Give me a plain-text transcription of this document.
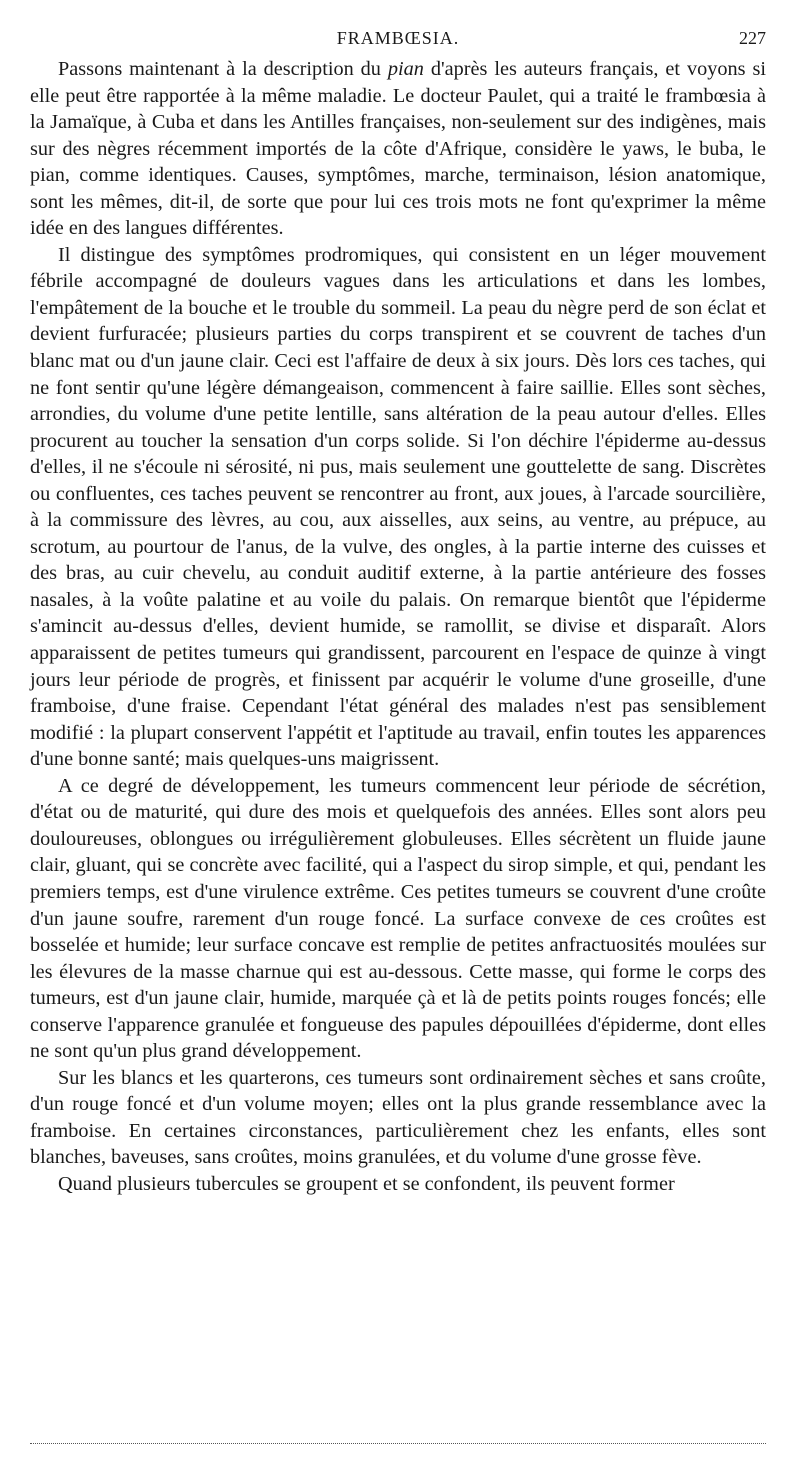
FRAMBŒSIA.	227

Passons maintenant à la description du pian d'après les auteurs français, et voyons si elle peut être rapportée à la même maladie. Le docteur Paulet, qui a traité le frambœsia à la Jamaïque, à Cuba et dans les Antilles françaises, non-seulement sur des indigènes, mais sur des nègres récemment importés de la côte d'Afrique, considère le yaws, le buba, le pian, comme identiques. Causes, symptômes, marche, terminaison, lésion anatomique, sont les mêmes, dit-il, de sorte que pour lui ces trois mots ne font qu'exprimer la même idée en des langues différentes.

Il distingue des symptômes prodromiques, qui consistent en un léger mouvement fébrile accompagné de douleurs vagues dans les articulations et dans les lombes, l'empâtement de la bouche et le trouble du sommeil. La peau du nègre perd de son éclat et devient furfuracée; plusieurs parties du corps transpirent et se couvrent de taches d'un blanc mat ou d'un jaune clair. Ceci est l'affaire de deux à six jours. Dès lors ces taches, qui ne font sentir qu'une légère démangeaison, commencent à faire saillie. Elles sont sèches, arrondies, du volume d'une petite lentille, sans altération de la peau autour d'elles. Elles procurent au toucher la sensation d'un corps solide. Si l'on déchire l'épiderme au-dessus d'elles, il ne s'écoule ni sérosité, ni pus, mais seulement une gouttelette de sang. Discrètes ou confluentes, ces taches peuvent se rencontrer au front, aux joues, à l'arcade sourcilière, à la commissure des lèvres, au cou, aux aisselles, aux seins, au ventre, au prépuce, au scrotum, au pourtour de l'anus, de la vulve, des ongles, à la partie interne des cuisses et des bras, au cuir chevelu, au conduit auditif externe, à la partie antérieure des fosses nasales, à la voûte palatine et au voile du palais. On remarque bientôt que l'épiderme s'amincit au-dessus d'elles, devient humide, se ramollit, se divise et disparaît. Alors apparaissent de petites tumeurs qui grandissent, parcourent en l'espace de quinze à vingt jours leur période de progrès, et finissent par acquérir le volume d'une groseille, d'une framboise, d'une fraise. Cependant l'état général des malades n'est pas sensiblement modifié : la plupart conservent l'appétit et l'aptitude au travail, enfin toutes les apparences d'une bonne santé; mais quelques-uns maigrissent.

A ce degré de développement, les tumeurs commencent leur période de sécrétion, d'état ou de maturité, qui dure des mois et quelquefois des années. Elles sont alors peu douloureuses, oblongues ou irrégulièrement globuleuses. Elles sécrètent un fluide jaune clair, gluant, qui se concrète avec facilité, qui a l'aspect du sirop simple, et qui, pendant les premiers temps, est d'une virulence extrême. Ces petites tumeurs se couvrent d'une croûte d'un jaune soufre, rarement d'un rouge foncé. La surface convexe de ces croûtes est bosselée et humide; leur surface concave est remplie de petites anfractuosités moulées sur les élevures de la masse charnue qui est au-dessous. Cette masse, qui forme le corps des tumeurs, est d'un jaune clair, humide, marquée çà et là de petits points rouges foncés; elle conserve l'apparence granulée et fongueuse des papules dépouillées d'épiderme, dont elles ne sont qu'un plus grand développement.

Sur les blancs et les quarterons, ces tumeurs sont ordinairement sèches et sans croûte, d'un rouge foncé et d'un volume moyen; elles ont la plus grande ressemblance avec la framboise. En certaines circonstances, particulièrement chez les enfants, elles sont blanches, baveuses, sans croûtes, moins granulées, et du volume d'une grosse fève.

Quand plusieurs tubercules se groupent et se confondent, ils peuvent former
